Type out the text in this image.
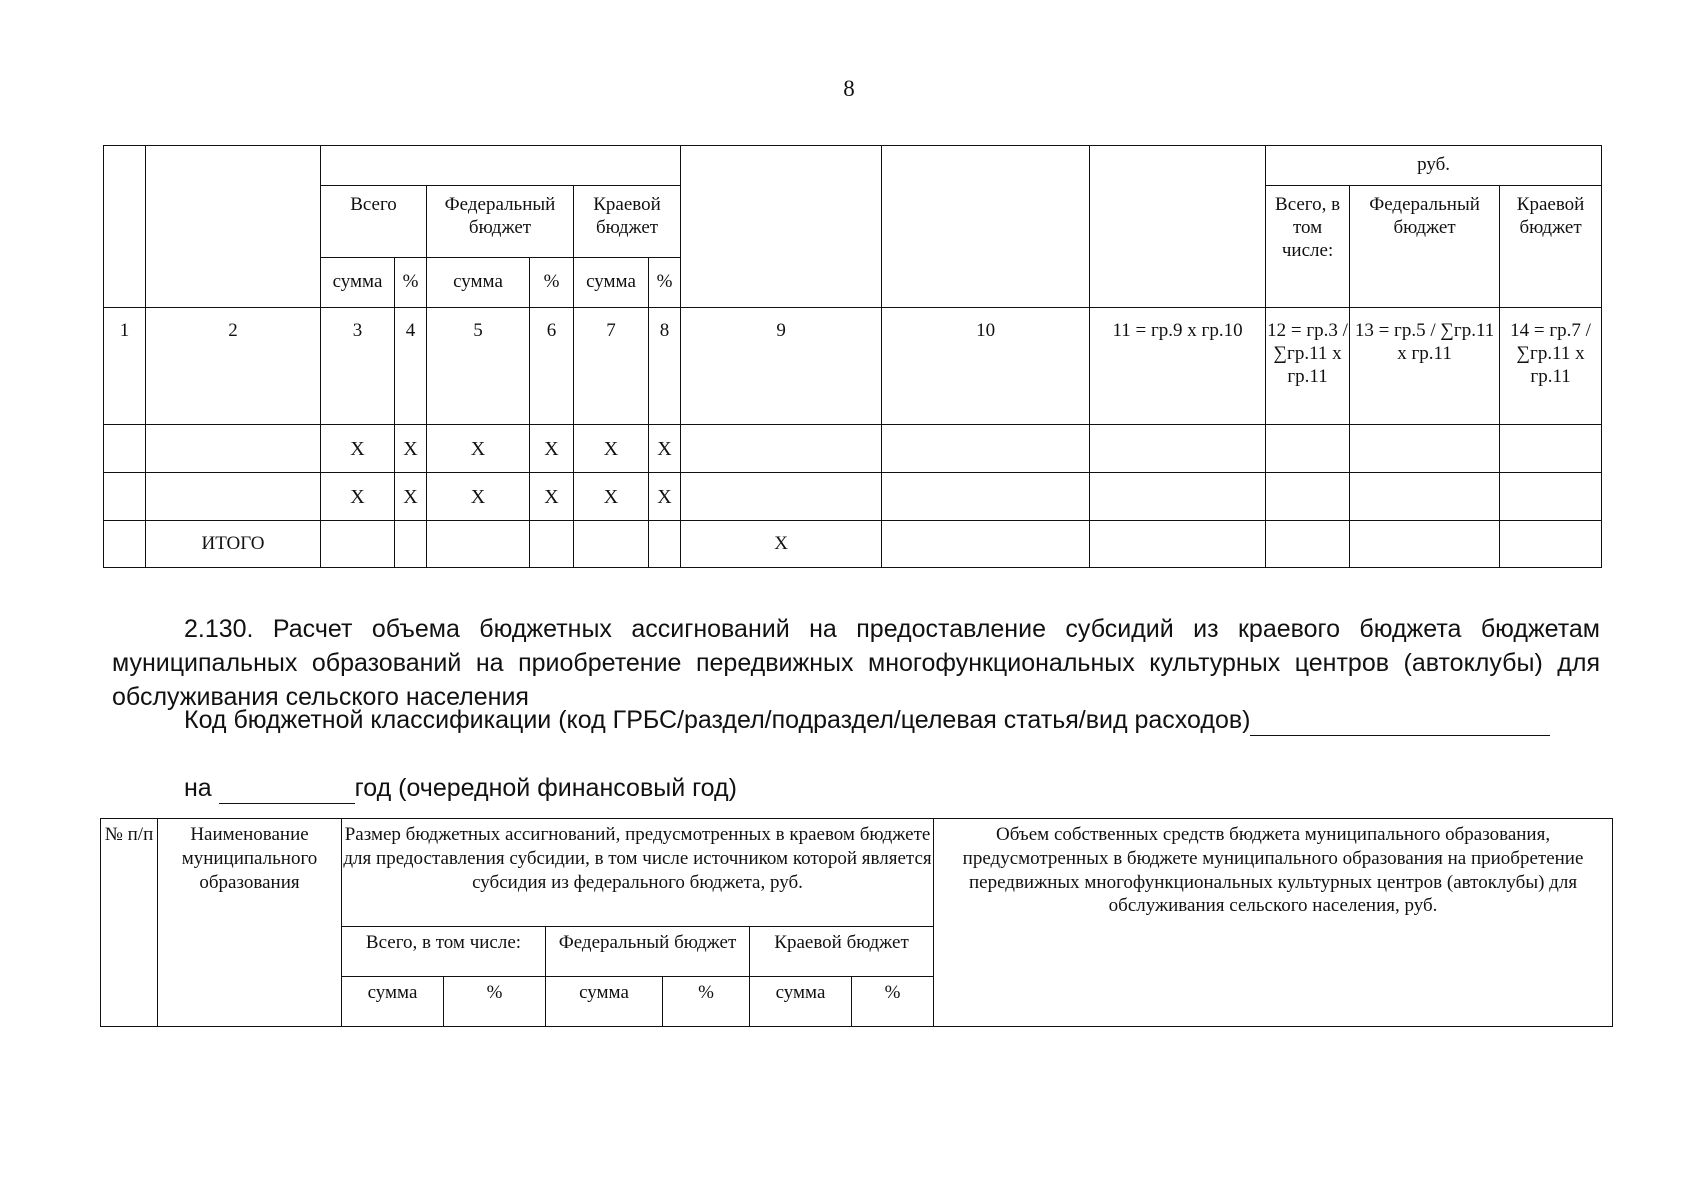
8
											руб.		
		Всего		Федеральный бюджет		Краевой бюджет					Всего, в том числе:	Федеральный бюджет	Краевой бюджет
		сумма	%	сумма	%	сумма	%						
1	2	3	4	5	6	7	8	9	10	11 = гр.9 х гр.10	12 = гр.3 / ∑гр.11 х гр.11	13 = гр.5 / ∑гр.11 х гр.11	14 = гр.7 / ∑гр.11 х гр.11
		X	X	X	X	X	X						
		X	X	X	X	X	X						
	ИТОГО							X					
2.130. Расчет объема бюджетных ассигнований на предоставление субсидий из краевого бюджета бюджетам муниципальных образований на приобретение передвижных многофункциональных культурных центров (автоклубы) для обслуживания сельского населения
Код бюджетной классификации (код ГРБС/раздел/подраздел/целевая статья/вид расходов)
на	год (очередной финансовый год)
№ п/п	Наименование муниципального образования	Размер бюджетных ассигнований, предусмотренных в краевом бюджете для предоставления субсидии, в том числе источником которой является субсидия из федерального бюджета, руб.						Объем собственных средств бюджета муниципального образования, предусмотренных в бюджете муниципального образования на приобретение передвижных многофункциональных культурных центров (автоклубы) для обслуживания сельского населения, руб.
		Всего, в том числе:		Федеральный бюджет		Краевой бюджет		
		сумма	%	сумма	%	сумма	%	
